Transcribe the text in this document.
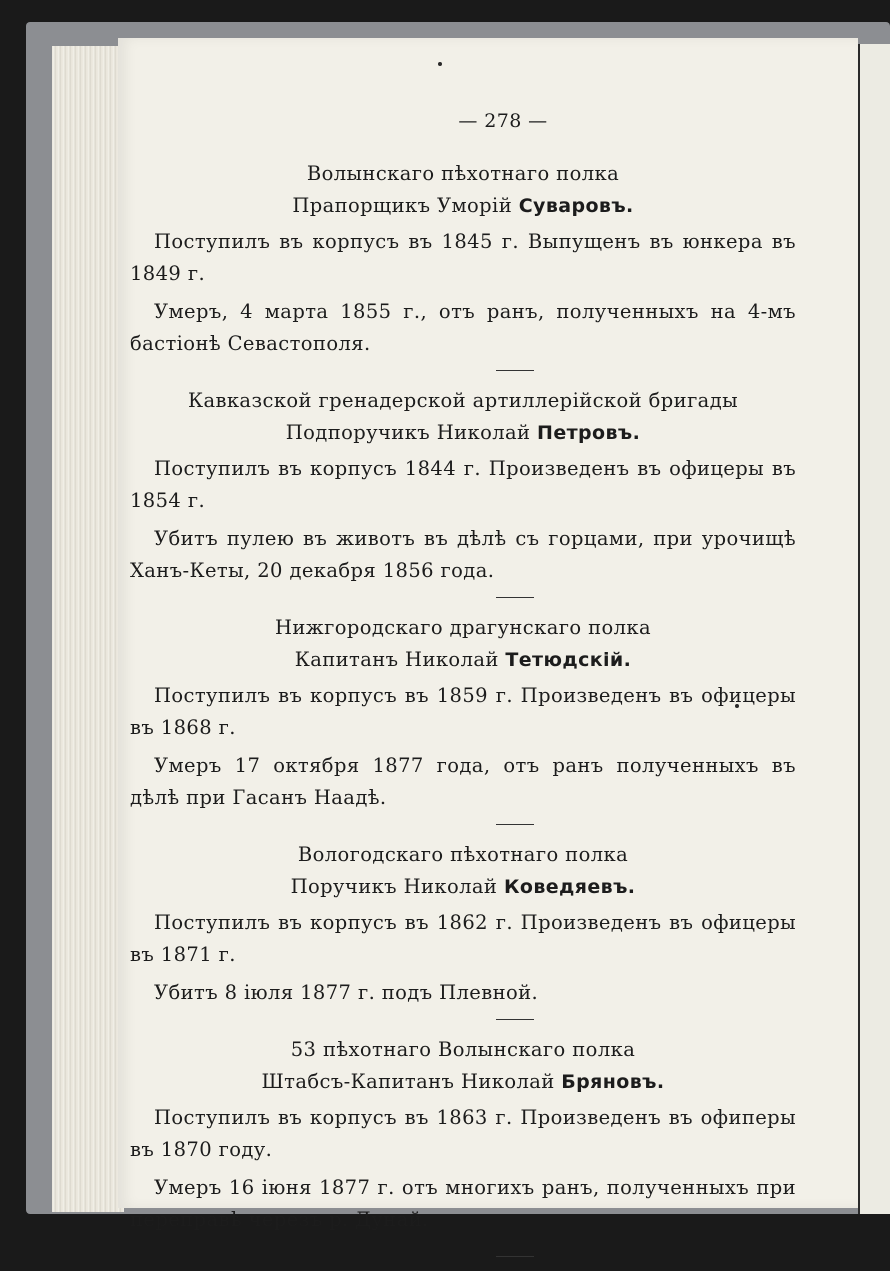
— 278 —
Волынскаго пѣхотнаго полка
Прапорщикъ Уморiй Суваровъ.

Поступилъ въ корпусъ въ 1845 г. Выпущенъ въ юнкера въ 1849 г.

Умеръ, 4 марта 1855 г., отъ ранъ, полученныхъ на 4-мъ бастiонѣ Севастополя.

Кавказской гренадерской артиллерiйской бригады
Подпоручикъ Николай Петровъ.

Поступилъ въ корпусъ 1844 г. Произведенъ въ офицеры въ 1854 г.

Убитъ пулею въ животъ въ дѣлѣ съ горцами, при урочищѣ Ханъ-Кеты, 20 декабря 1856 года.

Нижгородскаго драгунскаго полка
Капитанъ Николай Тетюдскiй.

Поступилъ въ корпусъ въ 1859 г. Произведенъ въ офицеры въ 1868 г.

Умеръ 17 октября 1877 года, отъ ранъ полученныхъ въ дѣлѣ при Гасанъ Наадѣ.

Вологодскаго пѣхотнаго полка
Поручикъ Николай Коведяевъ.

Поступилъ въ корпусъ въ 1862 г. Произведенъ въ офицеры въ 1871 г.

Убитъ 8 iюля 1877 г. подъ Плевной.

53 пѣхотнаго Волынскаго полка
Штабсъ-Капитанъ Николай Бряновъ.

Поступилъ въ корпусъ въ 1863 г. Произведенъ въ офиперы въ 1870 году.

Умеръ 16 iюня 1877 г. отъ многихъ ранъ, полученныхъ при переправѣ черезъ р. Дунай.
